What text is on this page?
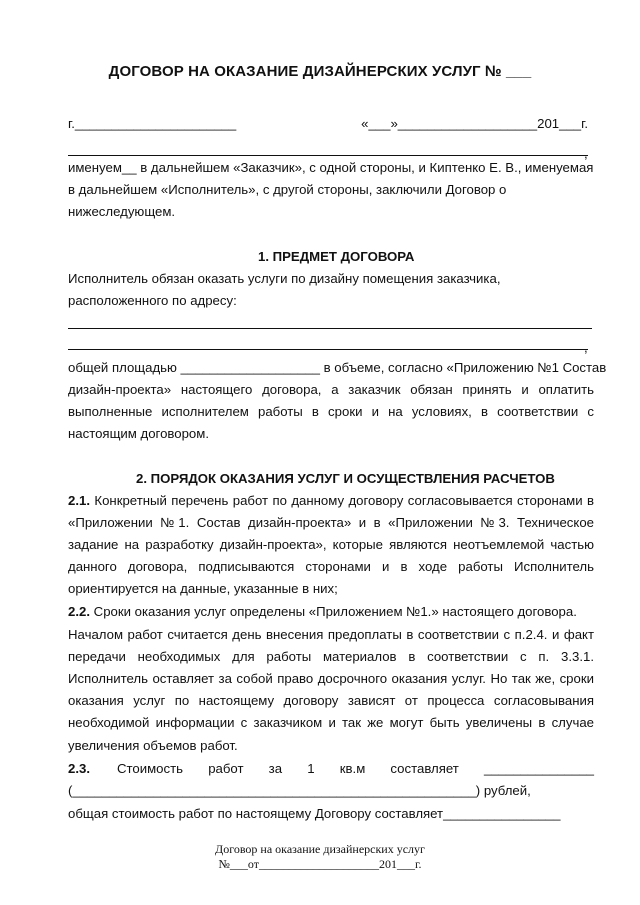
ДОГОВОР НА ОКАЗАНИЕ ДИЗАЙНЕРСКИХ УСЛУГ № ___
г.______________________	«___»___________________201___г.
,
именуем__ в дальнейшем «Заказчик», с одной стороны, и Киптенко Е. В., именуемая
в дальнейшем «Исполнитель», с другой стороны, заключили Договор о
нижеследующем.
1. ПРЕДМЕТ ДОГОВОРА
Исполнитель обязан оказать услуги по дизайну помещения заказчика,
расположенного по адресу:
,
общей площадью ___________________ в объеме, согласно «Приложению №1 Состав
дизайн-проекта» настоящего договора, а заказчик обязан принять и оплатить
выполненные исполнителем работы в сроки и на условиях, в соответствии с
настоящим договором.
2. ПОРЯДОК ОКАЗАНИЯ УСЛУГ И ОСУЩЕСТВЛЕНИЯ РАСЧЕТОВ
2.1. Конкретный перечень работ по данному договору согласовывается сторонами в
«Приложении №1. Состав дизайн-проекта» и в «Приложении №3. Техническое
задание на разработку дизайн-проекта», которые являются неотъемлемой частью
данного договора, подписываются сторонами и в ходе работы Исполнитель
ориентируется на данные, указанные в них;
2.2. Сроки оказания услуг определены «Приложением №1.» настоящего договора.
Началом работ считается день внесения предоплаты в соответствии с п.2.4. и факт
передачи необходимых для работы материалов в соответствии с п. 3.3.1.
Исполнитель оставляет за собой право досрочного оказания услуг. Но так же, сроки
оказания услуг по настоящему договору зависят от процесса согласовывания
необходимой информации с заказчиком и так же могут быть увеличены в случае
увеличения объемов работ.
2.3. Стоимость работ за 1 кв.м составляет _______________
(_______________________________________________________) рублей,
общая стоимость работ по настоящему Договору составляет________________
Договор на оказание дизайнерских услуг
№___от____________________201___г.
